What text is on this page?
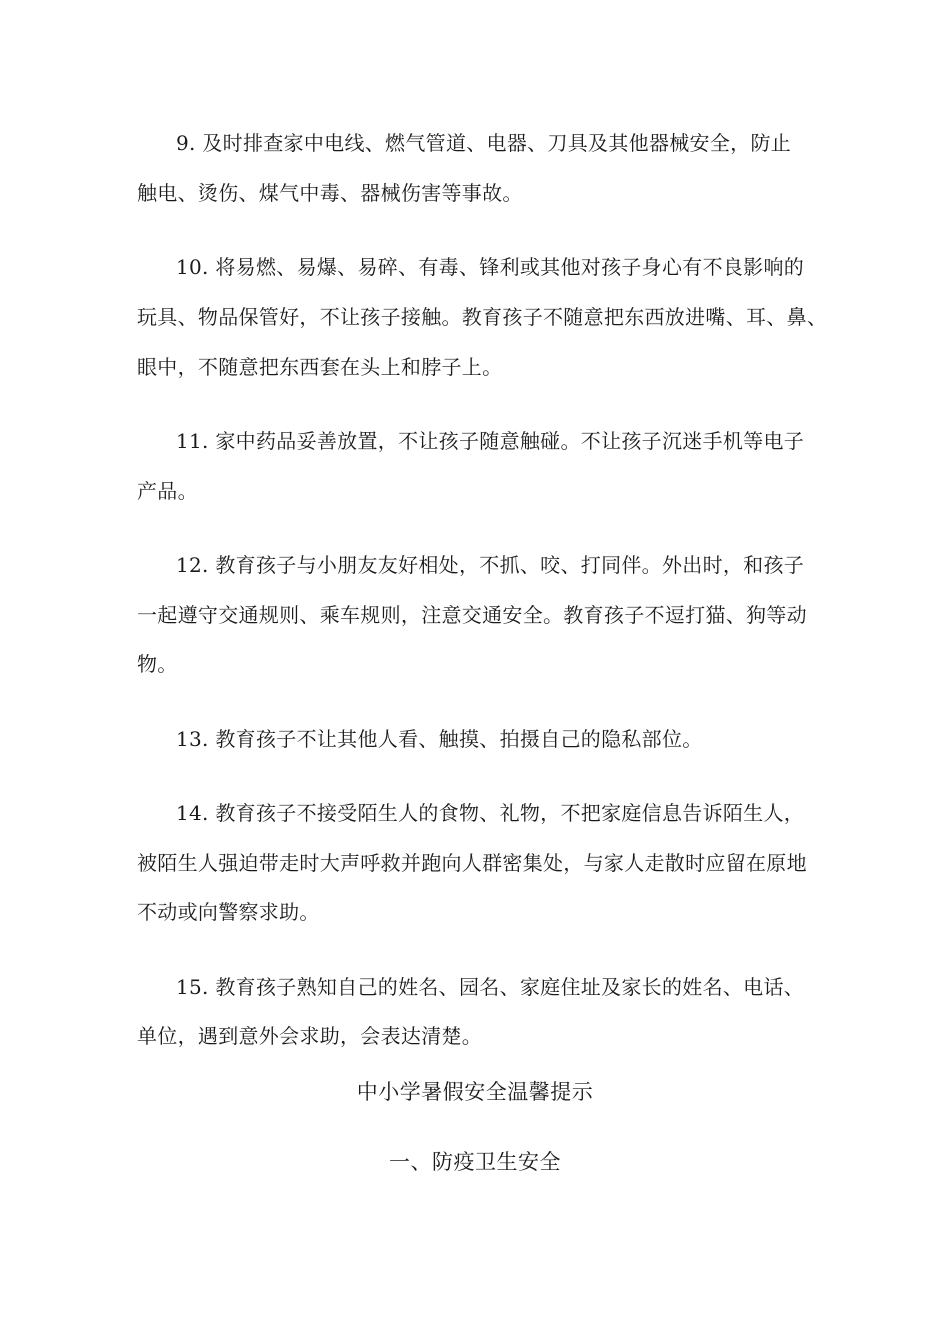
9. 及时排查家中电线、燃气管道、电器、刀具及其他器械安全，防止
触电、烫伤、煤气中毒、器械伤害等事故。
10. 将易燃、易爆、易碎、有毒、锋利或其他对孩子身心有不良影响的
玩具、物品保管好，不让孩子接触。教育孩子不随意把东西放进嘴、耳、鼻、
眼中，不随意把东西套在头上和脖子上。
11. 家中药品妥善放置，不让孩子随意触碰。不让孩子沉迷手机等电子
产品。
12. 教育孩子与小朋友友好相处，不抓、咬、打同伴。外出时，和孩子
一起遵守交通规则、乘车规则，注意交通安全。教育孩子不逗打猫、狗等动
物。
13. 教育孩子不让其他人看、触摸、拍摄自己的隐私部位。
14. 教育孩子不接受陌生人的食物、礼物，不把家庭信息告诉陌生人，
被陌生人强迫带走时大声呼救并跑向人群密集处，与家人走散时应留在原地
不动或向警察求助。
15. 教育孩子熟知自己的姓名、园名、家庭住址及家长的姓名、电话、
单位，遇到意外会求助，会表达清楚。
中小学暑假安全温馨提示
一、防疫卫生安全
